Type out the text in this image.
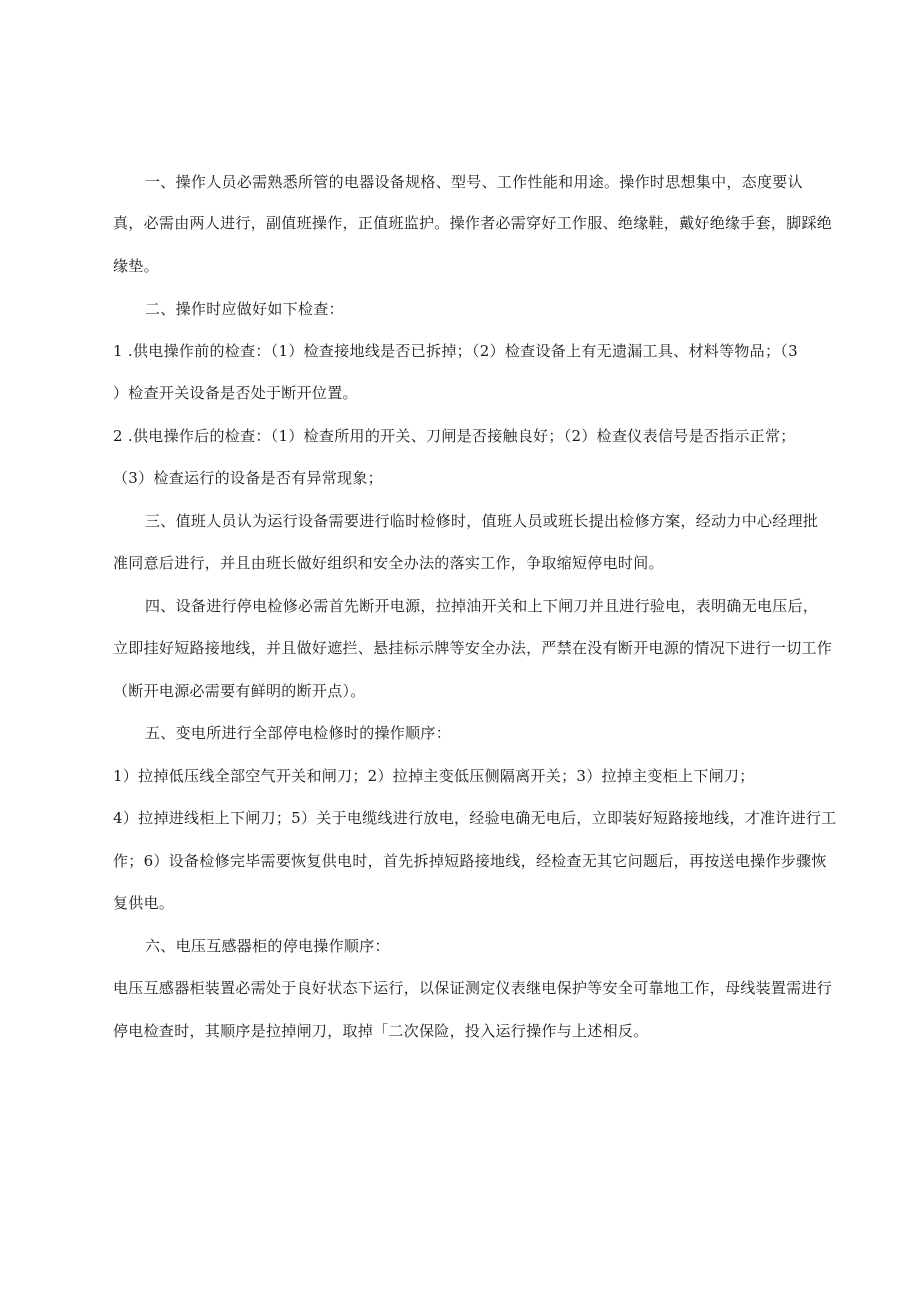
一、操作人员必需熟悉所管的电器设备规格、型号、工作性能和用途。操作时思想集中，态度要认
真，必需由两人进行，副值班操作，正值班监护。操作者必需穿好工作服、绝缘鞋，戴好绝缘手套，脚踩绝
缘垫。
二、操作时应做好如下检查：
1 .供电操作前的检查：（1）检查接地线是否已拆掉；（2）检查设备上有无遗漏工具、材料等物品；（3
）检查开关设备是否处于断开位置。
2 .供电操作后的检查：（1）检查所用的开关、刀闸是否接触良好；（2）检查仪表信号是否指示正常；
（3）检查运行的设备是否有异常现象；
三、值班人员认为运行设备需要进行临时检修时，值班人员或班长提出检修方案，经动力中心经理批
准同意后进行，并且由班长做好组织和安全办法的落实工作，争取缩短停电时间。
四、设备进行停电检修必需首先断开电源，拉掉油开关和上下闸刀并且进行验电，表明确无电压后，
立即挂好短路接地线，并且做好遮拦、悬挂标示牌等安全办法，严禁在没有断开电源的情况下进行一切工作
（断开电源必需要有鲜明的断开点）。
五、变电所进行全部停电检修时的操作顺序：
1）拉掉低压线全部空气开关和闸刀；2）拉掉主变低压侧隔离开关；3）拉掉主变柜上下闸刀；
4）拉掉进线柜上下闸刀；5）关于电缆线进行放电，经验电确无电后，立即装好短路接地线，才准许进行工
作；6）设备检修完毕需要恢复供电时，首先拆掉短路接地线，经检查无其它问题后，再按送电操作步骤恢
复供电。
六、电压互感器柜的停电操作顺序：
电压互感器柜装置必需处于良好状态下运行，以保证测定仪表继电保护等安全可靠地工作，母线装置需进行
停电检查时，其顺序是拉掉闸刀，取掉「二次保险，投入运行操作与上述相反。
